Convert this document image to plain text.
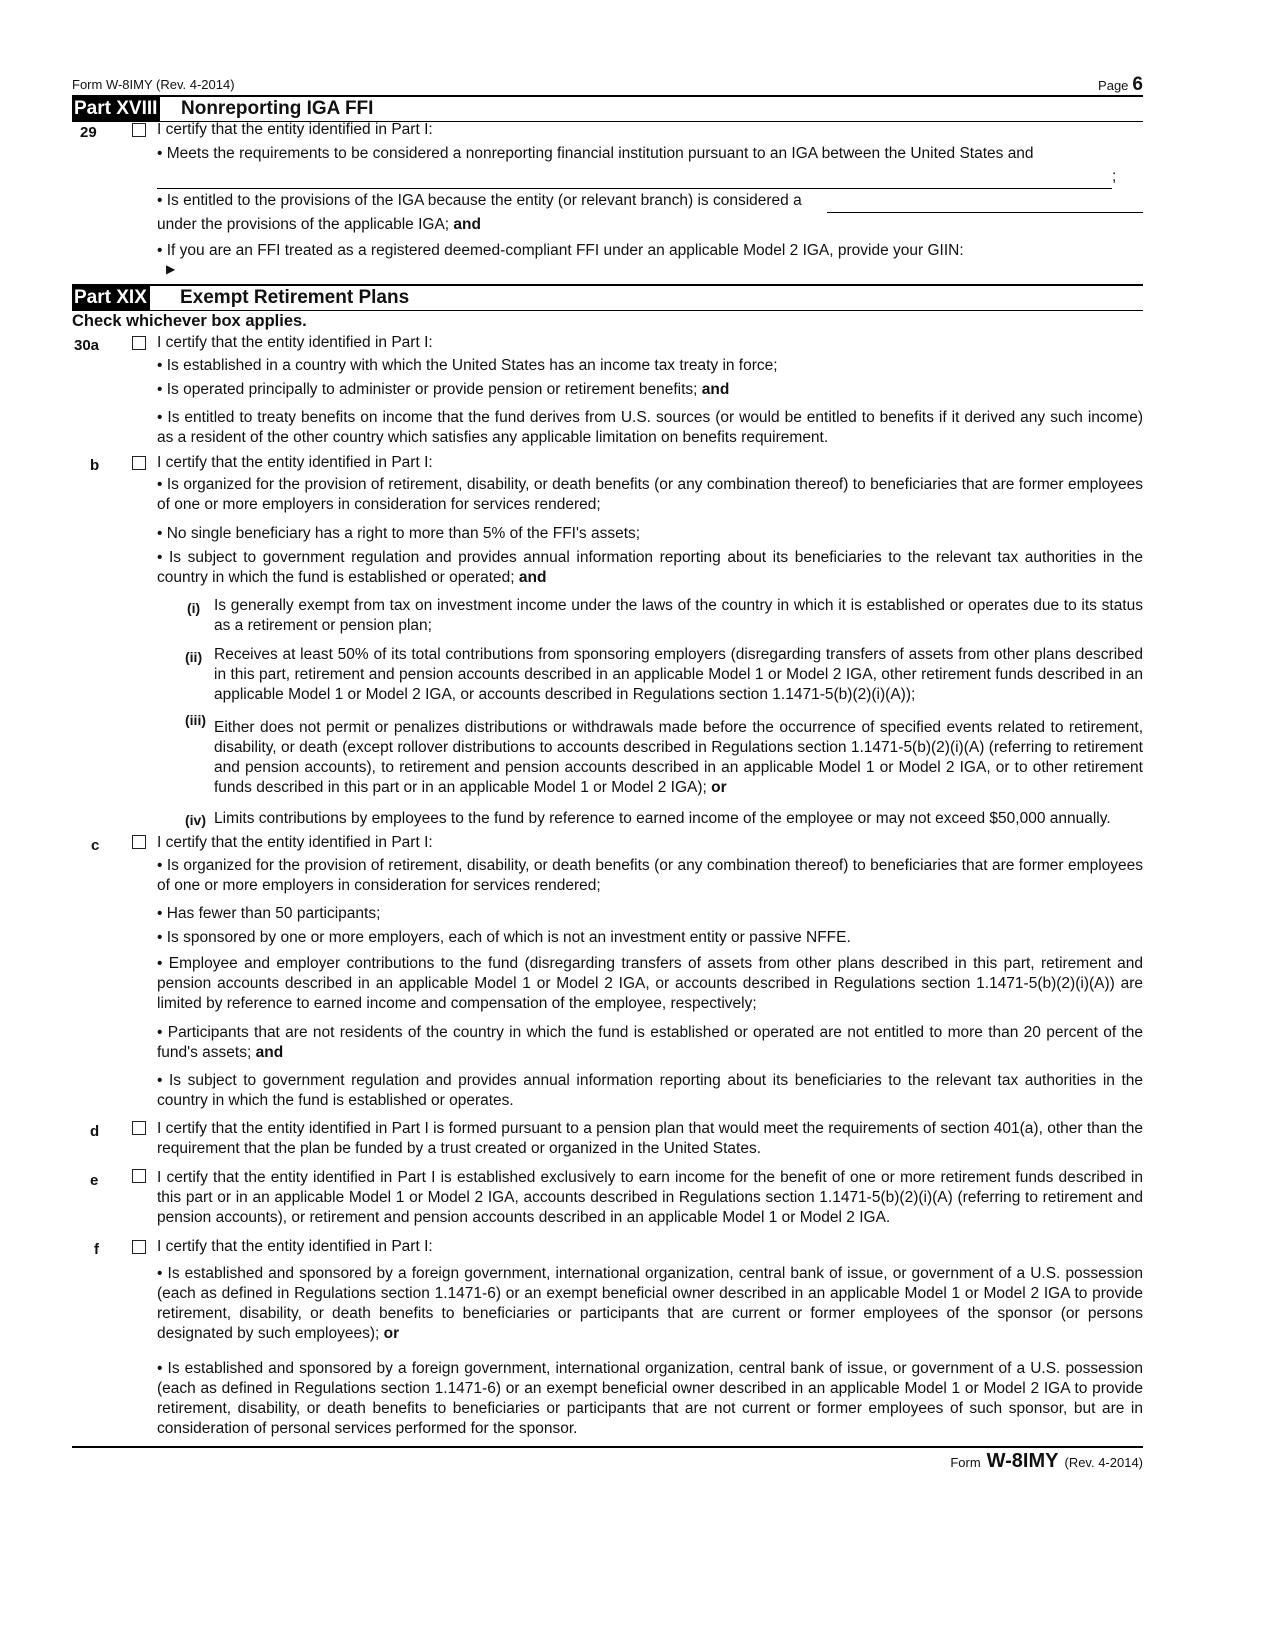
Form W-8IMY (Rev. 4-2014)	Page 6
Part XVIII Nonreporting IGA FFI
29	I certify that the entity identified in Part I:
• Meets the requirements to be considered a nonreporting financial institution pursuant to an IGA between the United States and
;
• Is entitled to the provisions of the IGA because the entity (or relevant branch) is considered a
under the provisions of the applicable IGA; and
• If you are an FFI treated as a registered deemed-compliant FFI under an applicable Model 2 IGA, provide your GIIN:
▶
Part XIX Exempt Retirement Plans
Check whichever box applies.
30a	I certify that the entity identified in Part I:
• Is established in a country with which the United States has an income tax treaty in force;
• Is operated principally to administer or provide pension or retirement benefits; and
• Is entitled to treaty benefits on income that the fund derives from U.S. sources (or would be entitled to benefits if it derived any such income) as a resident of the other country which satisfies any applicable limitation on benefits requirement.
b	I certify that the entity identified in Part I:
• Is organized for the provision of retirement, disability, or death benefits (or any combination thereof) to beneficiaries that are former employees of one or more employers in consideration for services rendered;
• No single beneficiary has a right to more than 5% of the FFI's assets;
• Is subject to government regulation and provides annual information reporting about its beneficiaries to the relevant tax authorities in the country in which the fund is established or operated; and
(i) Is generally exempt from tax on investment income under the laws of the country in which it is established or operates due to its status as a retirement or pension plan;
(ii) Receives at least 50% of its total contributions from sponsoring employers (disregarding transfers of assets from other plans described in this part, retirement and pension accounts described in an applicable Model 1 or Model 2 IGA, other retirement funds described in an applicable Model 1 or Model 2 IGA, or accounts described in Regulations section 1.1471-5(b)(2)(i)(A));
(iii) Either does not permit or penalizes distributions or withdrawals made before the occurrence of specified events related to retirement, disability, or death (except rollover distributions to accounts described in Regulations section 1.1471-5(b)(2)(i)(A) (referring to retirement and pension accounts), to retirement and pension accounts described in an applicable Model 1 or Model 2 IGA, or to other retirement funds described in this part or in an applicable Model 1 or Model 2 IGA); or
(iv) Limits contributions by employees to the fund by reference to earned income of the employee or may not exceed $50,000 annually.
c	I certify that the entity identified in Part I:
• Is organized for the provision of retirement, disability, or death benefits (or any combination thereof) to beneficiaries that are former employees of one or more employers in consideration for services rendered;
• Has fewer than 50 participants;
• Is sponsored by one or more employers, each of which is not an investment entity or passive NFFE.
• Employee and employer contributions to the fund (disregarding transfers of assets from other plans described in this part, retirement and pension accounts described in an applicable Model 1 or Model 2 IGA, or accounts described in Regulations section 1.1471-5(b)(2)(i)(A)) are limited by reference to earned income and compensation of the employee, respectively;
• Participants that are not residents of the country in which the fund is established or operated are not entitled to more than 20 percent of the fund's assets; and
• Is subject to government regulation and provides annual information reporting about its beneficiaries to the relevant tax authorities in the country in which the fund is established or operates.
d	I certify that the entity identified in Part I is formed pursuant to a pension plan that would meet the requirements of section 401(a), other than the requirement that the plan be funded by a trust created or organized in the United States.
e	I certify that the entity identified in Part I is established exclusively to earn income for the benefit of one or more retirement funds described in this part or in an applicable Model 1 or Model 2 IGA, accounts described in Regulations section 1.1471-5(b)(2)(i)(A) (referring to retirement and pension accounts), or retirement and pension accounts described in an applicable Model 1 or Model 2 IGA.
f	I certify that the entity identified in Part I:
• Is established and sponsored by a foreign government, international organization, central bank of issue, or government of a U.S. possession (each as defined in Regulations section 1.1471-6) or an exempt beneficial owner described in an applicable Model 1 or Model 2 IGA to provide retirement, disability, or death benefits to beneficiaries or participants that are current or former employees of the sponsor (or persons designated by such employees); or
• Is established and sponsored by a foreign government, international organization, central bank of issue, or government of a U.S. possession (each as defined in Regulations section 1.1471-6) or an exempt beneficial owner described in an applicable Model 1 or Model 2 IGA to provide retirement, disability, or death benefits to beneficiaries or participants that are not current or former employees of such sponsor, but are in consideration of personal services performed for the sponsor.
Form W-8IMY (Rev. 4-2014)
